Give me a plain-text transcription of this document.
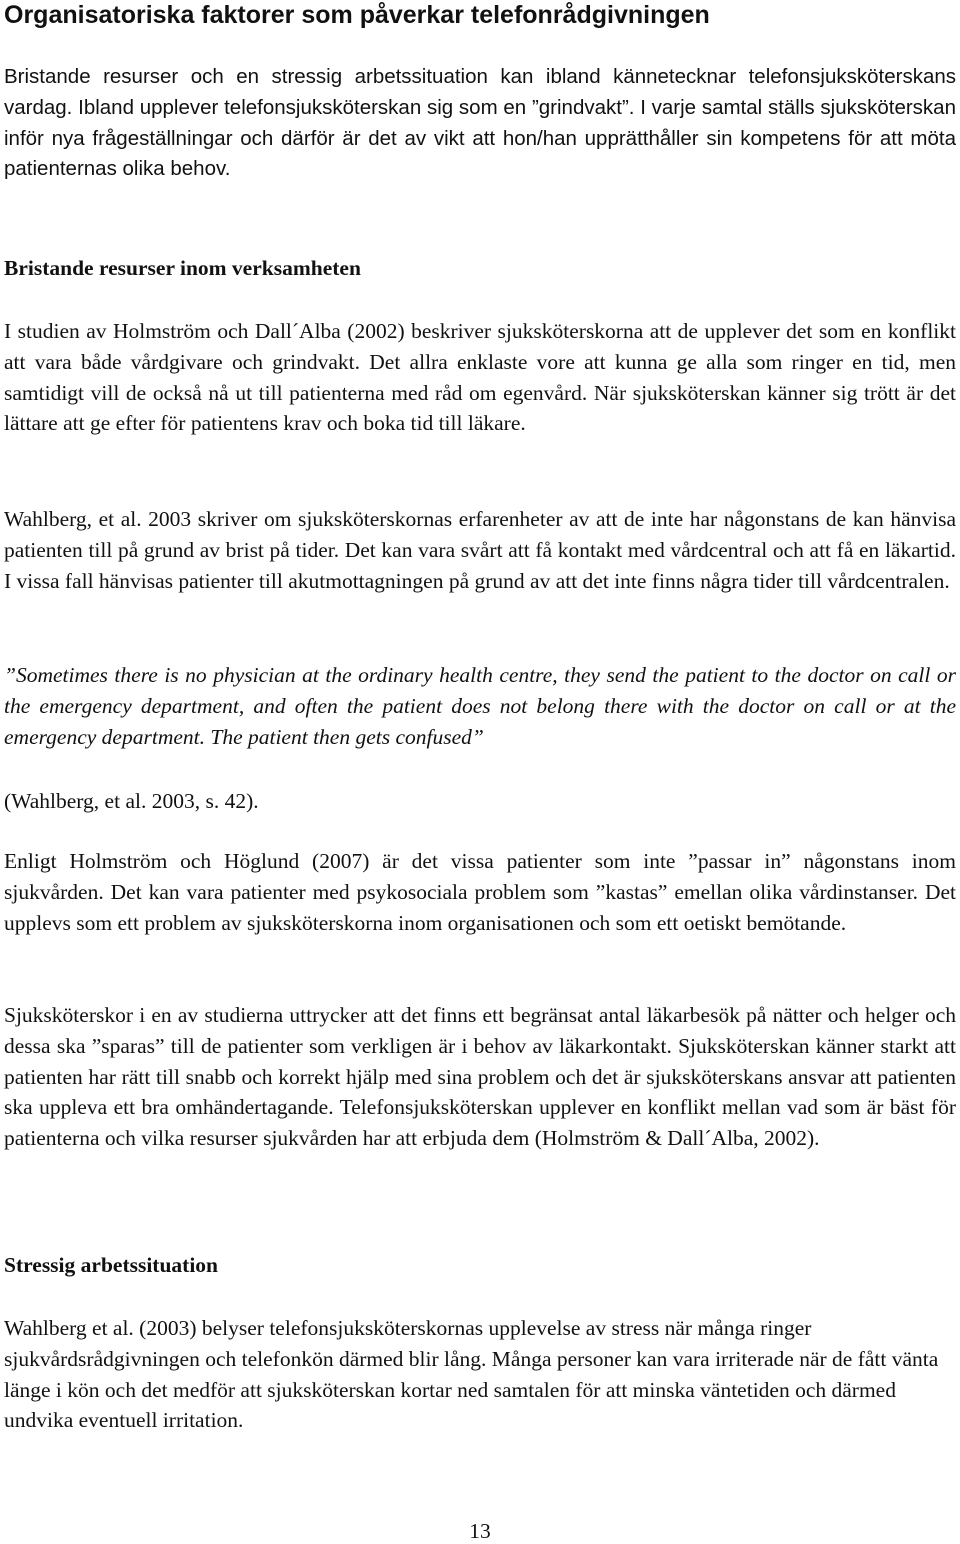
Organisatoriska faktorer som påverkar telefonrådgivningen

Bristande resurser och en stressig arbetssituation kan ibland kännetecknar telefonsjuksköterskans vardag. Ibland upplever telefonsjuksköterskan sig som en ”grindvakt”. I varje samtal ställs sjuksköterskan inför nya frågeställningar och därför är det av vikt att hon/han upprätthåller sin kompetens för att möta patienternas olika behov.

Bristande resurser inom verksamheten

I studien av Holmström och Dall´Alba (2002) beskriver sjuksköterskorna att de upplever det som en konflikt att vara både vårdgivare och grindvakt. Det allra enklaste vore att kunna ge alla som ringer en tid, men samtidigt vill de också nå ut till patienterna med råd om egenvård. När sjuksköterskan känner sig trött är det lättare att ge efter för patientens krav och boka tid till läkare.

Wahlberg, et al. 2003 skriver om sjuksköterskornas erfarenheter av att de inte har någonstans de kan hänvisa patienten till på grund av brist på tider. Det kan vara svårt att få kontakt med vårdcentral och att få en läkartid. I vissa fall hänvisas patienter till akutmottagningen på grund av att det inte finns några tider till vårdcentralen.

”Sometimes there is no physician at the ordinary health centre, they send the patient to the doctor on call or the emergency department, and often the patient does not belong there with the doctor on call or at the emergency department. The patient then gets confused”

(Wahlberg, et al. 2003, s. 42).

Enligt Holmström och Höglund (2007) är det vissa patienter som inte ”passar in” någonstans inom sjukvården. Det kan vara patienter med psykosociala problem som ”kastas” emellan olika vårdinstanser. Det upplevs som ett problem av sjuksköterskorna inom organisationen och som ett oetiskt bemötande.

Sjuksköterskor i en av studierna uttrycker att det finns ett begränsat antal läkarbesök på nätter och helger och dessa ska ”sparas” till de patienter som verkligen är i behov av läkarkontakt. Sjuksköterskan känner starkt att patienten har rätt till snabb och korrekt hjälp med sina problem och det är sjuksköterskans ansvar att patienten ska uppleva ett bra omhändertagande. Telefonsjuksköterskan upplever en konflikt mellan vad som är bäst för patienterna och vilka resurser sjukvården har att erbjuda dem (Holmström & Dall´Alba, 2002).

Stressig arbetssituation

Wahlberg et al. (2003) belyser telefonsjuksköterskornas upplevelse av stress när många ringer sjukvårdsrådgivningen och telefonkön därmed blir lång. Många personer kan vara irriterade när de fått vänta länge i kön och det medför att sjuksköterskan kortar ned samtalen för att minska väntetiden och därmed undvika eventuell irritation.

13
